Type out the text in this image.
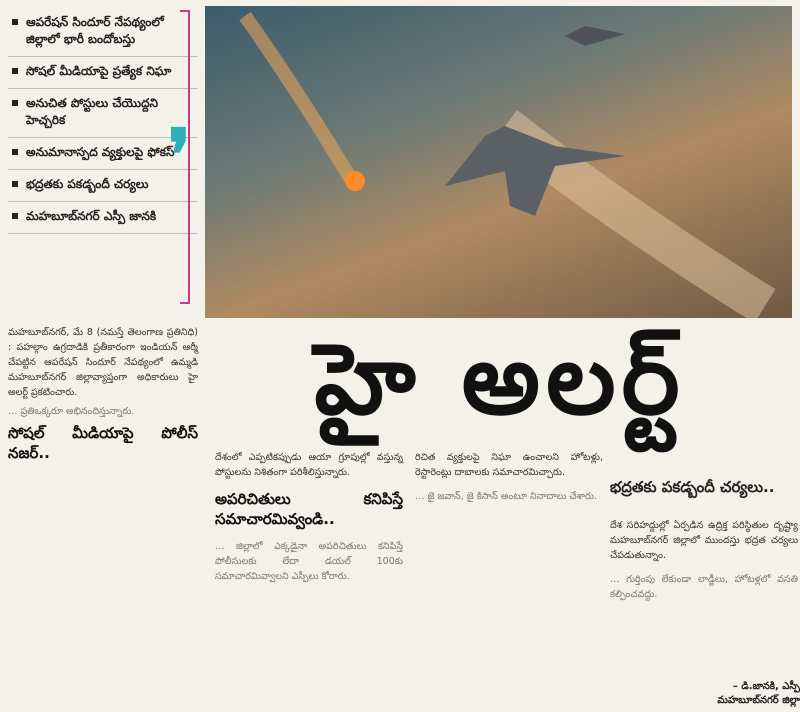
ఆపరేషన్ సిందూర్ నేపథ్యంలో జిల్లాలో భారీ బందోబస్తు
సోషల్ మీడియాపై ప్రత్యేక నిఘా
అనుచిత పోస్టులు చేయొద్దని హెచ్చరిక
అనుమానాస్పద వ్యక్తులపై ఫోకస్
భద్రతకు పకడ్బందీ చర్యలు
మహబూబ్‌నగర్ ఎస్పీ జానకి
❜
హై అలర్ట్

మహబూబ్‌నగర్, మే 8 (నమస్తే తెలంగాణ ప్రతినిధి) : పహల్గాం ఉగ్రదాడికి ప్రతీకారంగా ఇండియన్ ఆర్మీ చేపట్టిన ఆపరేషన్ సిందూర్ నేపథ్యంలో ఉమ్మడి మహబూబ్‌నగర్ జిల్లావ్యాప్తంగా అధికారులు హై అలర్ట్ ప్రకటించారు.

… ప్రతిఒక్కరూ అభినందిస్తున్నారు.

సోషల్ మీడియాపై పోలీస్ నజర్..	దేశంలో ఎప్పటికప్పుడు ఆయా గ్రూపుల్లో వస్తున్న పోస్టులను నిశితంగా పరిశీలిస్తున్నారు.

అపరిచితులు కనిపిస్తే సమాచారమివ్వండి..

… జిల్లాలో ఎక్కడైనా అపరిచితులు కనిపిస్తే పోలీసులకు లేదా డయల్ 100కు సమాచారమివ్వాలని ఎస్పీలు కోరారు.

రిచిత వ్యక్తులపై నిఘా ఉంచాలని హోటళ్లు, రెస్టారెంట్లు దాబాలకు సమాచారమిచ్చారు.

… జై జవాన్, జై కిసాన్ అంటూ నినాదాలు చేశారు.

భద్రతకు పకడ్బందీ చర్యలు..

దేశ సరిహద్దుల్లో ఏర్పడిన ఉద్రిక్త పరిస్థితుల దృష్ట్యా మహబూబ్‌నగర్ జిల్లాలో ముందస్తు భద్రత చర్యలు చేపడుతున్నాం.

… గుర్తింపు లేకుండా లాడ్జీలు, హోటళ్లలో వసతి కల్పించవద్దు.

– డి.జానకి, ఎస్పీ మహబూబ్‌నగర్ జిల్లా
